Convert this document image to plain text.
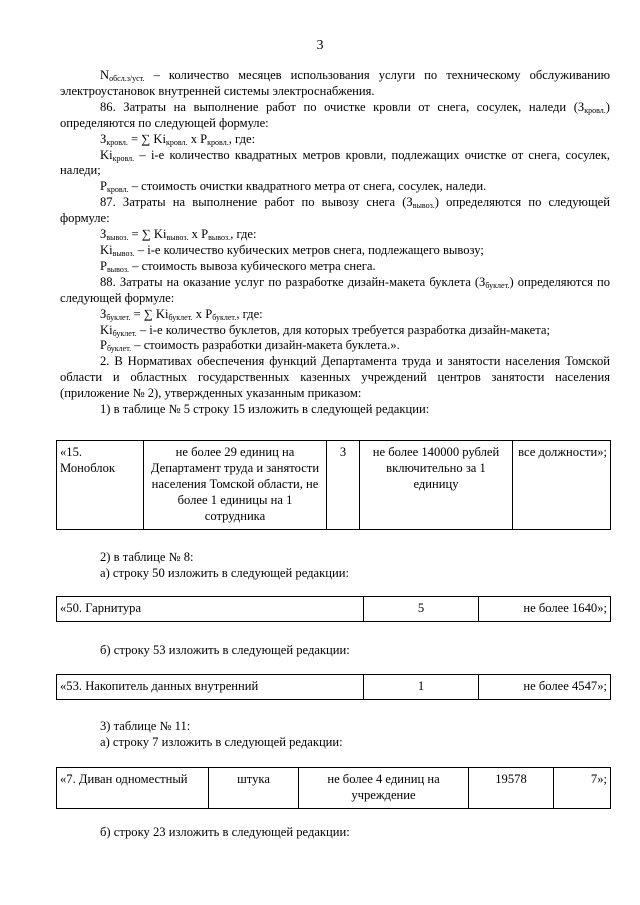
3

$N_{обсл.з/уст.}$ – количество месяцев использования услуги по техническому обслуживанию электроустановок внутренней системы электроснабжения.

86. Затраты на выполнение работ по очистке кровли от снега, сосулек, наледи $(З_{кровл.})$ определяются по следующей формуле:

$З_{кровл.}$ = ∑ $Ki_{кровл.}$ х $P_{кровл.}$, где:

$Ki_{кровл.} - i-е$ количество квадратных метров кровли, подлежащих очистке от снега, сосулек, наледи;

$P_{кровл.}$ – стоимость очистки квадратного метра от снега, сосулек, наледи.

87. Затраты на выполнение работ по вывозу снега $(З_{вывоз.})$ определяются по следующей формуле:

$З_{вывоз.}$ = ∑ $Ki_{вывоз.}$ х $P_{вывоз.}$, где:

$Ki_{вывоз.} - i-е$ количество кубических метров снега, подлежащего вывозу;

$P_{вывоз.}$ – стоимость вывоза кубического метра снега.

88. Затраты на оказание услуг по разработке дизайн-макета буклета $(З_{буклет.})$ определяются по следующей формуле:

$З_{буклет.}$ = ∑ $Ki_{буклет.}$ х $P_{буклет.}$, где:

$Ki_{буклет.} - i-е$ количество буклетов, для которых требуется разработка дизайн-макета;

$P_{буклет.}$ – стоимость разработки дизайн-макета буклета.».

2. В Нормативах обеспечения функций Департамента труда и занятости населения Томской области и областных государственных казенных учреждений центров занятости населения (приложение № 2), утвержденных указанным приказом:

1) в таблице № 5 строку 15 изложить в следующей редакции:

«15. Моноблок	не более 29 единиц на Департамент труда и занятости населения Томской области, не более 1 единицы на 1 сотрудника	3	не более 140000 рублей включительно за 1 единицу	все должности»;
2) в таблице № 8:
а) строку 50 изложить в следующей редакции:
«50. Гарнитура	5	не более 1640»;
б) строку 53 изложить в следующей редакции:
«53. Накопитель данных внутренний	1	не более 4547»;
3) таблице № 11:
а) строку 7 изложить в следующей редакции:
«7. Диван одноместный	штука	не более 4 единиц на учреждение	19578	7»;
б) строку 23 изложить в следующей редакции:
